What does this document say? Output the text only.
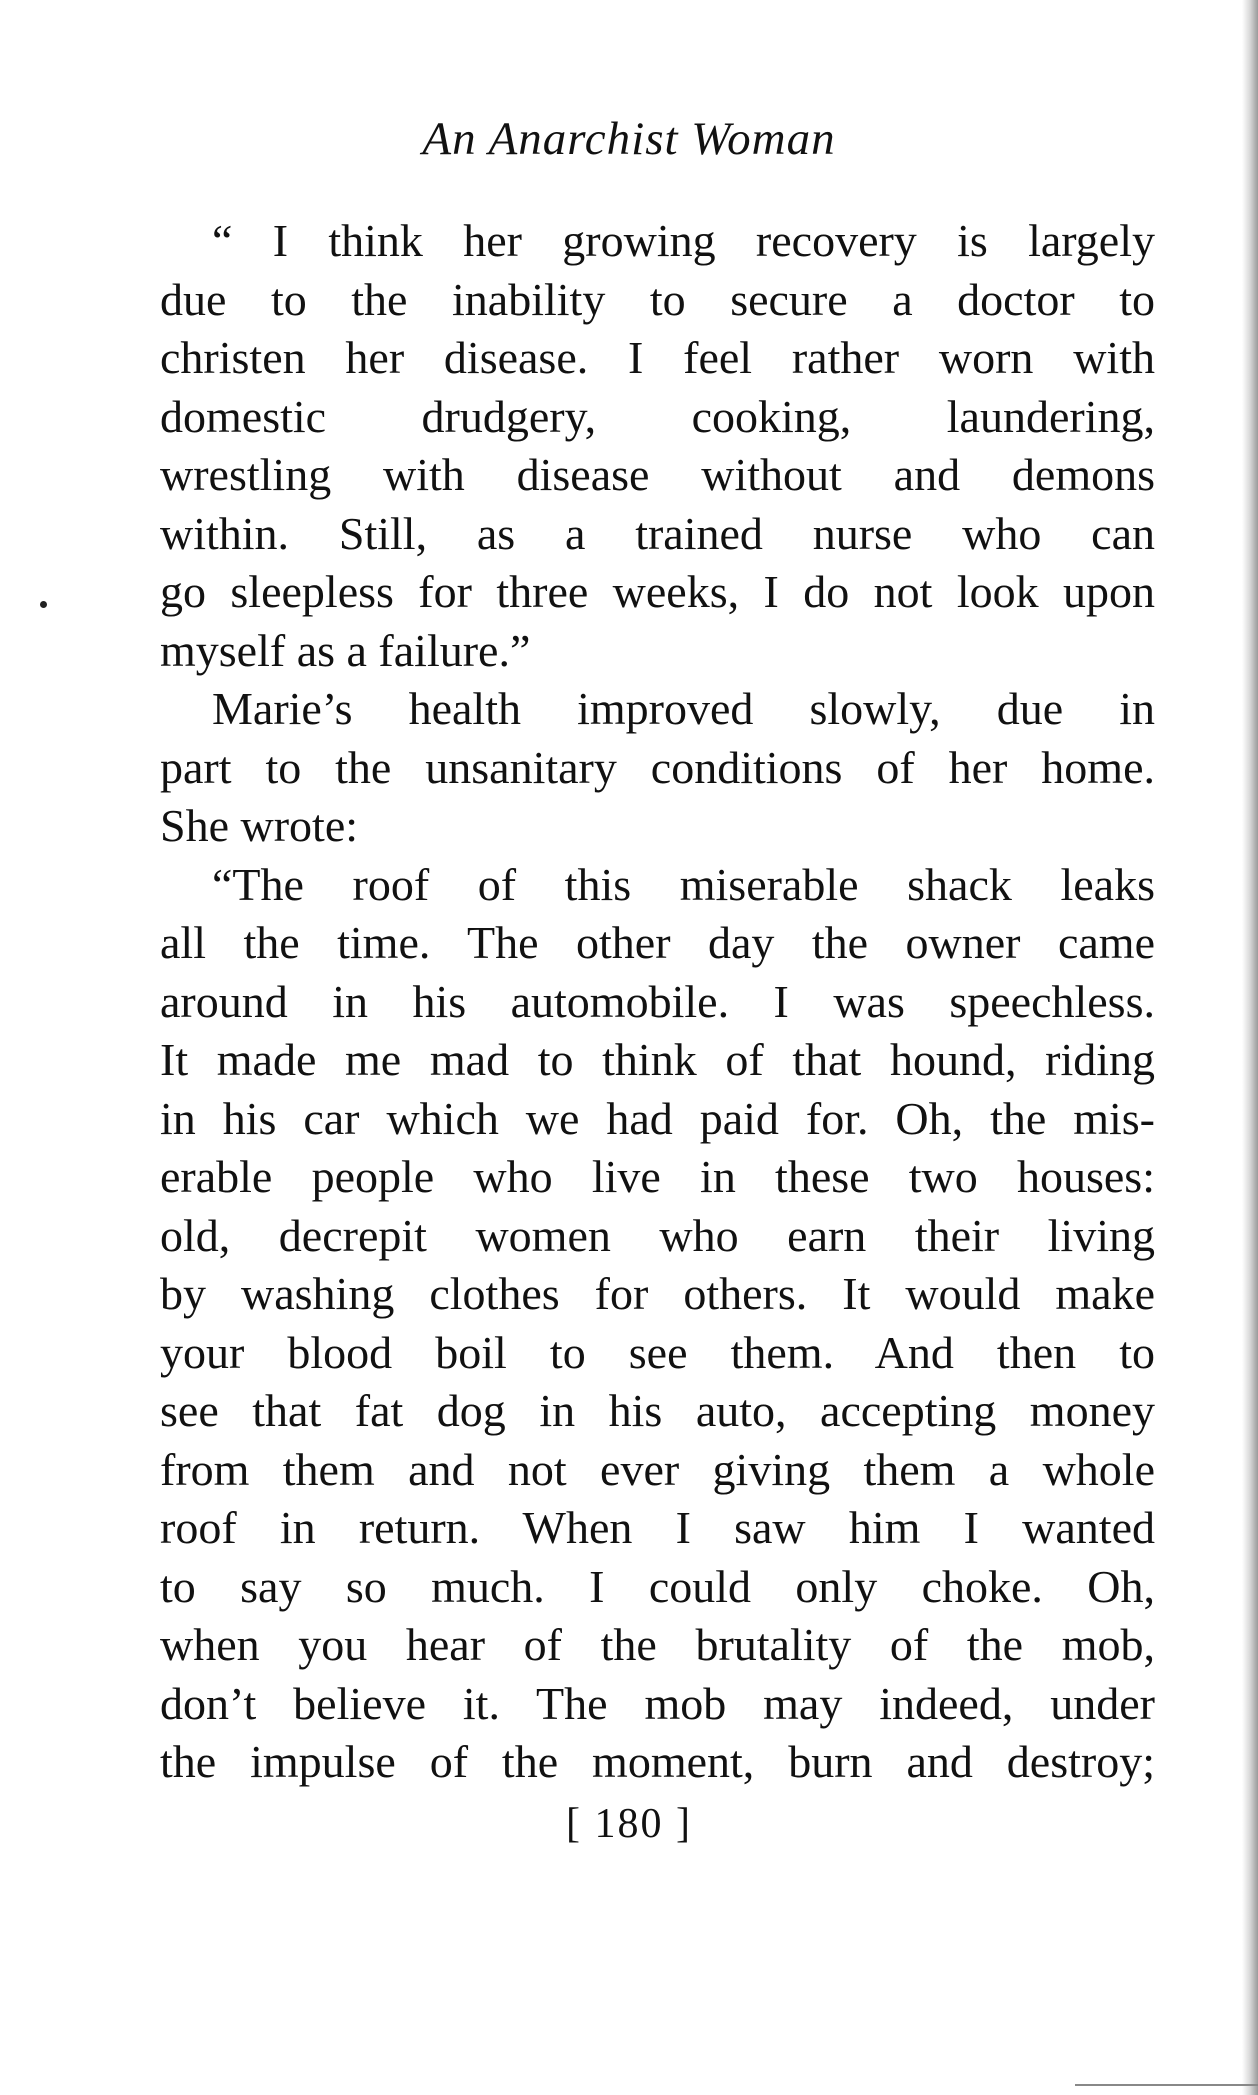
An Anarchist Woman
“ I think her growing recovery is largely
due to the inability to secure a doctor to
christen her disease. I feel rather worn with
domestic drudgery, cooking, laundering,
wrestling with disease without and demons
within. Still, as a trained nurse who can
go sleepless for three weeks, I do not look upon
myself as a failure.”
Marie’s health improved slowly, due in
part to the unsanitary conditions of her home.
She wrote:
“The roof of this miserable shack leaks
all the time. The other day the owner came
around in his automobile. I was speechless.
It made me mad to think of that hound, riding
in his car which we had paid for. Oh, the mis-
erable people who live in these two houses:
old, decrepit women who earn their living
by washing clothes for others. It would make
your blood boil to see them. And then to
see that fat dog in his auto, accepting money
from them and not ever giving them a whole
roof in return. When I saw him I wanted
to say so much. I could only choke. Oh,
when you hear of the brutality of the mob,
don’t believe it. The mob may indeed, under
the impulse of the moment, burn and destroy;
[ 180 ]
